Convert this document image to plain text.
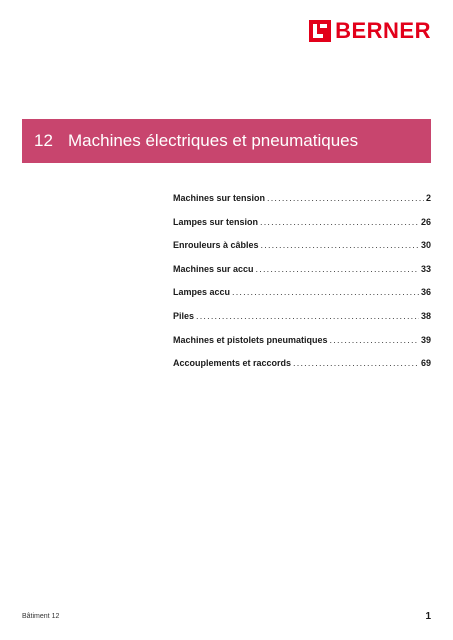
BERNER
12 Machines électriques et pneumatiques
Machines sur tension .....	2
Lampes sur tension .....	26
Enrouleurs à câbles .....	30
Machines sur accu .....	33
Lampes accu .....	36
Piles .....	38
Machines et pistolets pneumatiques .....	39
Accouplements et raccords .....	69
Bâtiment 12	1
